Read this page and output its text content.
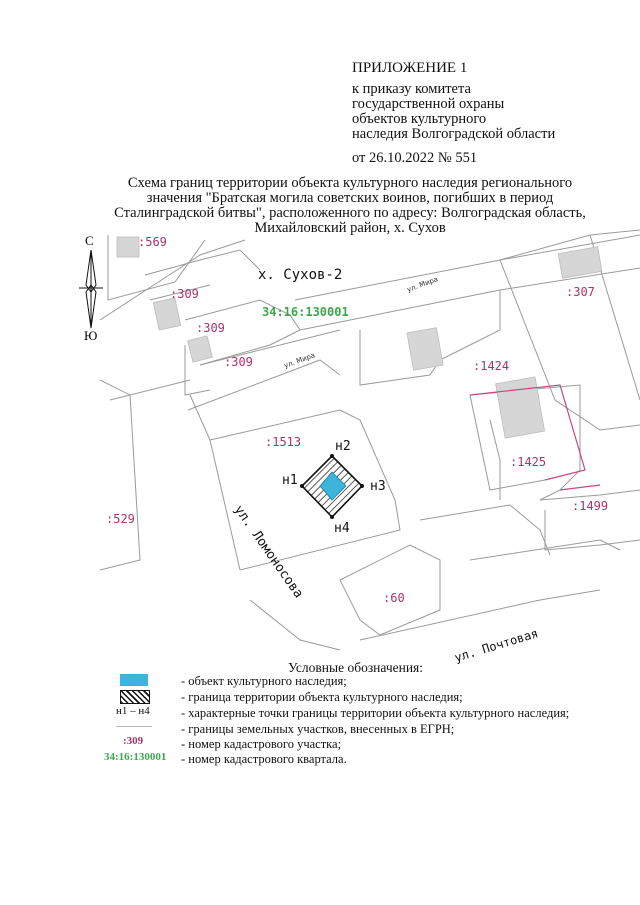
ПРИЛОЖЕНИЕ 1
к приказу комитета
государственной охраны
объектов культурного
наследия Волгоградской области
от 26.10.2022 № 551
Схема границ территории объекта культурного наследия регионального
значения "Братская могила советских воинов, погибших в период
Сталинградской битвы", расположенного по адресу: Волгоградская область,
Михайловский район, х. Сухов
С
Ю
:569
:309
:309
:309
:307
:1424
:1513
:1425
:529
:1499
:60
х. Сухов-2
34:16:130001
ул. Мира
ул. Мира
ул. Ломоносова
ул. Почтовая
н1
н2
н3
н4
Условные обозначения:
н1 – н4
:309
34:16:130001
- объект культурного наследия;
- граница территории объекта культурного наследия;
- характерные точки границы территории объекта культурного наследия;
- границы земельных участков, внесенных в ЕГРН;
- номер кадастрового участка;
- номер кадастрового квартала.
